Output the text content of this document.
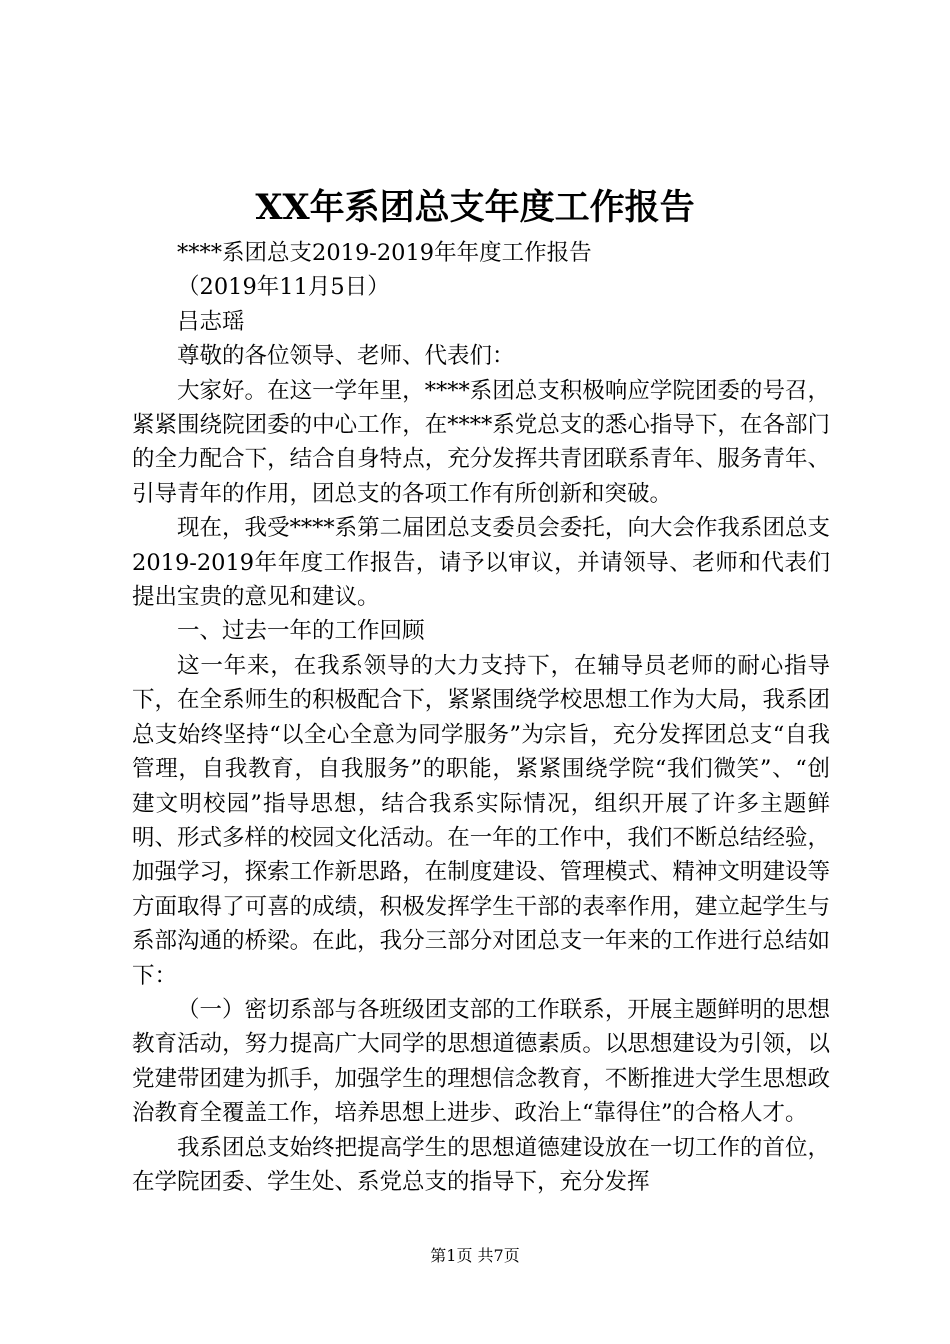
XX年系团总支年度工作报告

****系团总支2019-2019年年度工作报告

（2019年11月5日）

吕志瑶

尊敬的各位领导、老师、代表们：

大家好。在这一学年里，****系团总支积极响应学院团委的号召，紧紧围绕院团委的中心工作，在****系党总支的悉心指导下，在各部门的全力配合下，结合自身特点，充分发挥共青团联系青年、服务青年、引导青年的作用，团总支的各项工作有所创新和突破。

现在，我受****系第二届团总支委员会委托，向大会作我系团总支2019-2019年年度工作报告，请予以审议，并请领导、老师和代表们提出宝贵的意见和建议。

一、过去一年的工作回顾

这一年来，在我系领导的大力支持下，在辅导员老师的耐心指导下，在全系师生的积极配合下，紧紧围绕学校思想工作为大局，我系团总支始终坚持“以全心全意为同学服务”为宗旨，充分发挥团总支“自我管理，自我教育，自我服务”的职能，紧紧围绕学院“我们微笑”、“创建文明校园”指导思想，结合我系实际情况，组织开展了许多主题鲜明、形式多样的校园文化活动。在一年的工作中，我们不断总结经验，加强学习，探索工作新思路，在制度建设、管理模式、精神文明建设等方面取得了可喜的成绩，积极发挥学生干部的表率作用，建立起学生与系部沟通的桥梁。在此，我分三部分对团总支一年来的工作进行总结如下：

（一）密切系部与各班级团支部的工作联系，开展主题鲜明的思想教育活动，努力提高广大同学的思想道德素质。以思想建设为引领，以党建带团建为抓手，加强学生的理想信念教育，不断推进大学生思想政治教育全覆盖工作，培养思想上进步、政治上“靠得住”的合格人才。

我系团总支始终把提高学生的思想道德建设放在一切工作的首位，在学院团委、学生处、系党总支的指导下，充分发挥

第1页 共7页
